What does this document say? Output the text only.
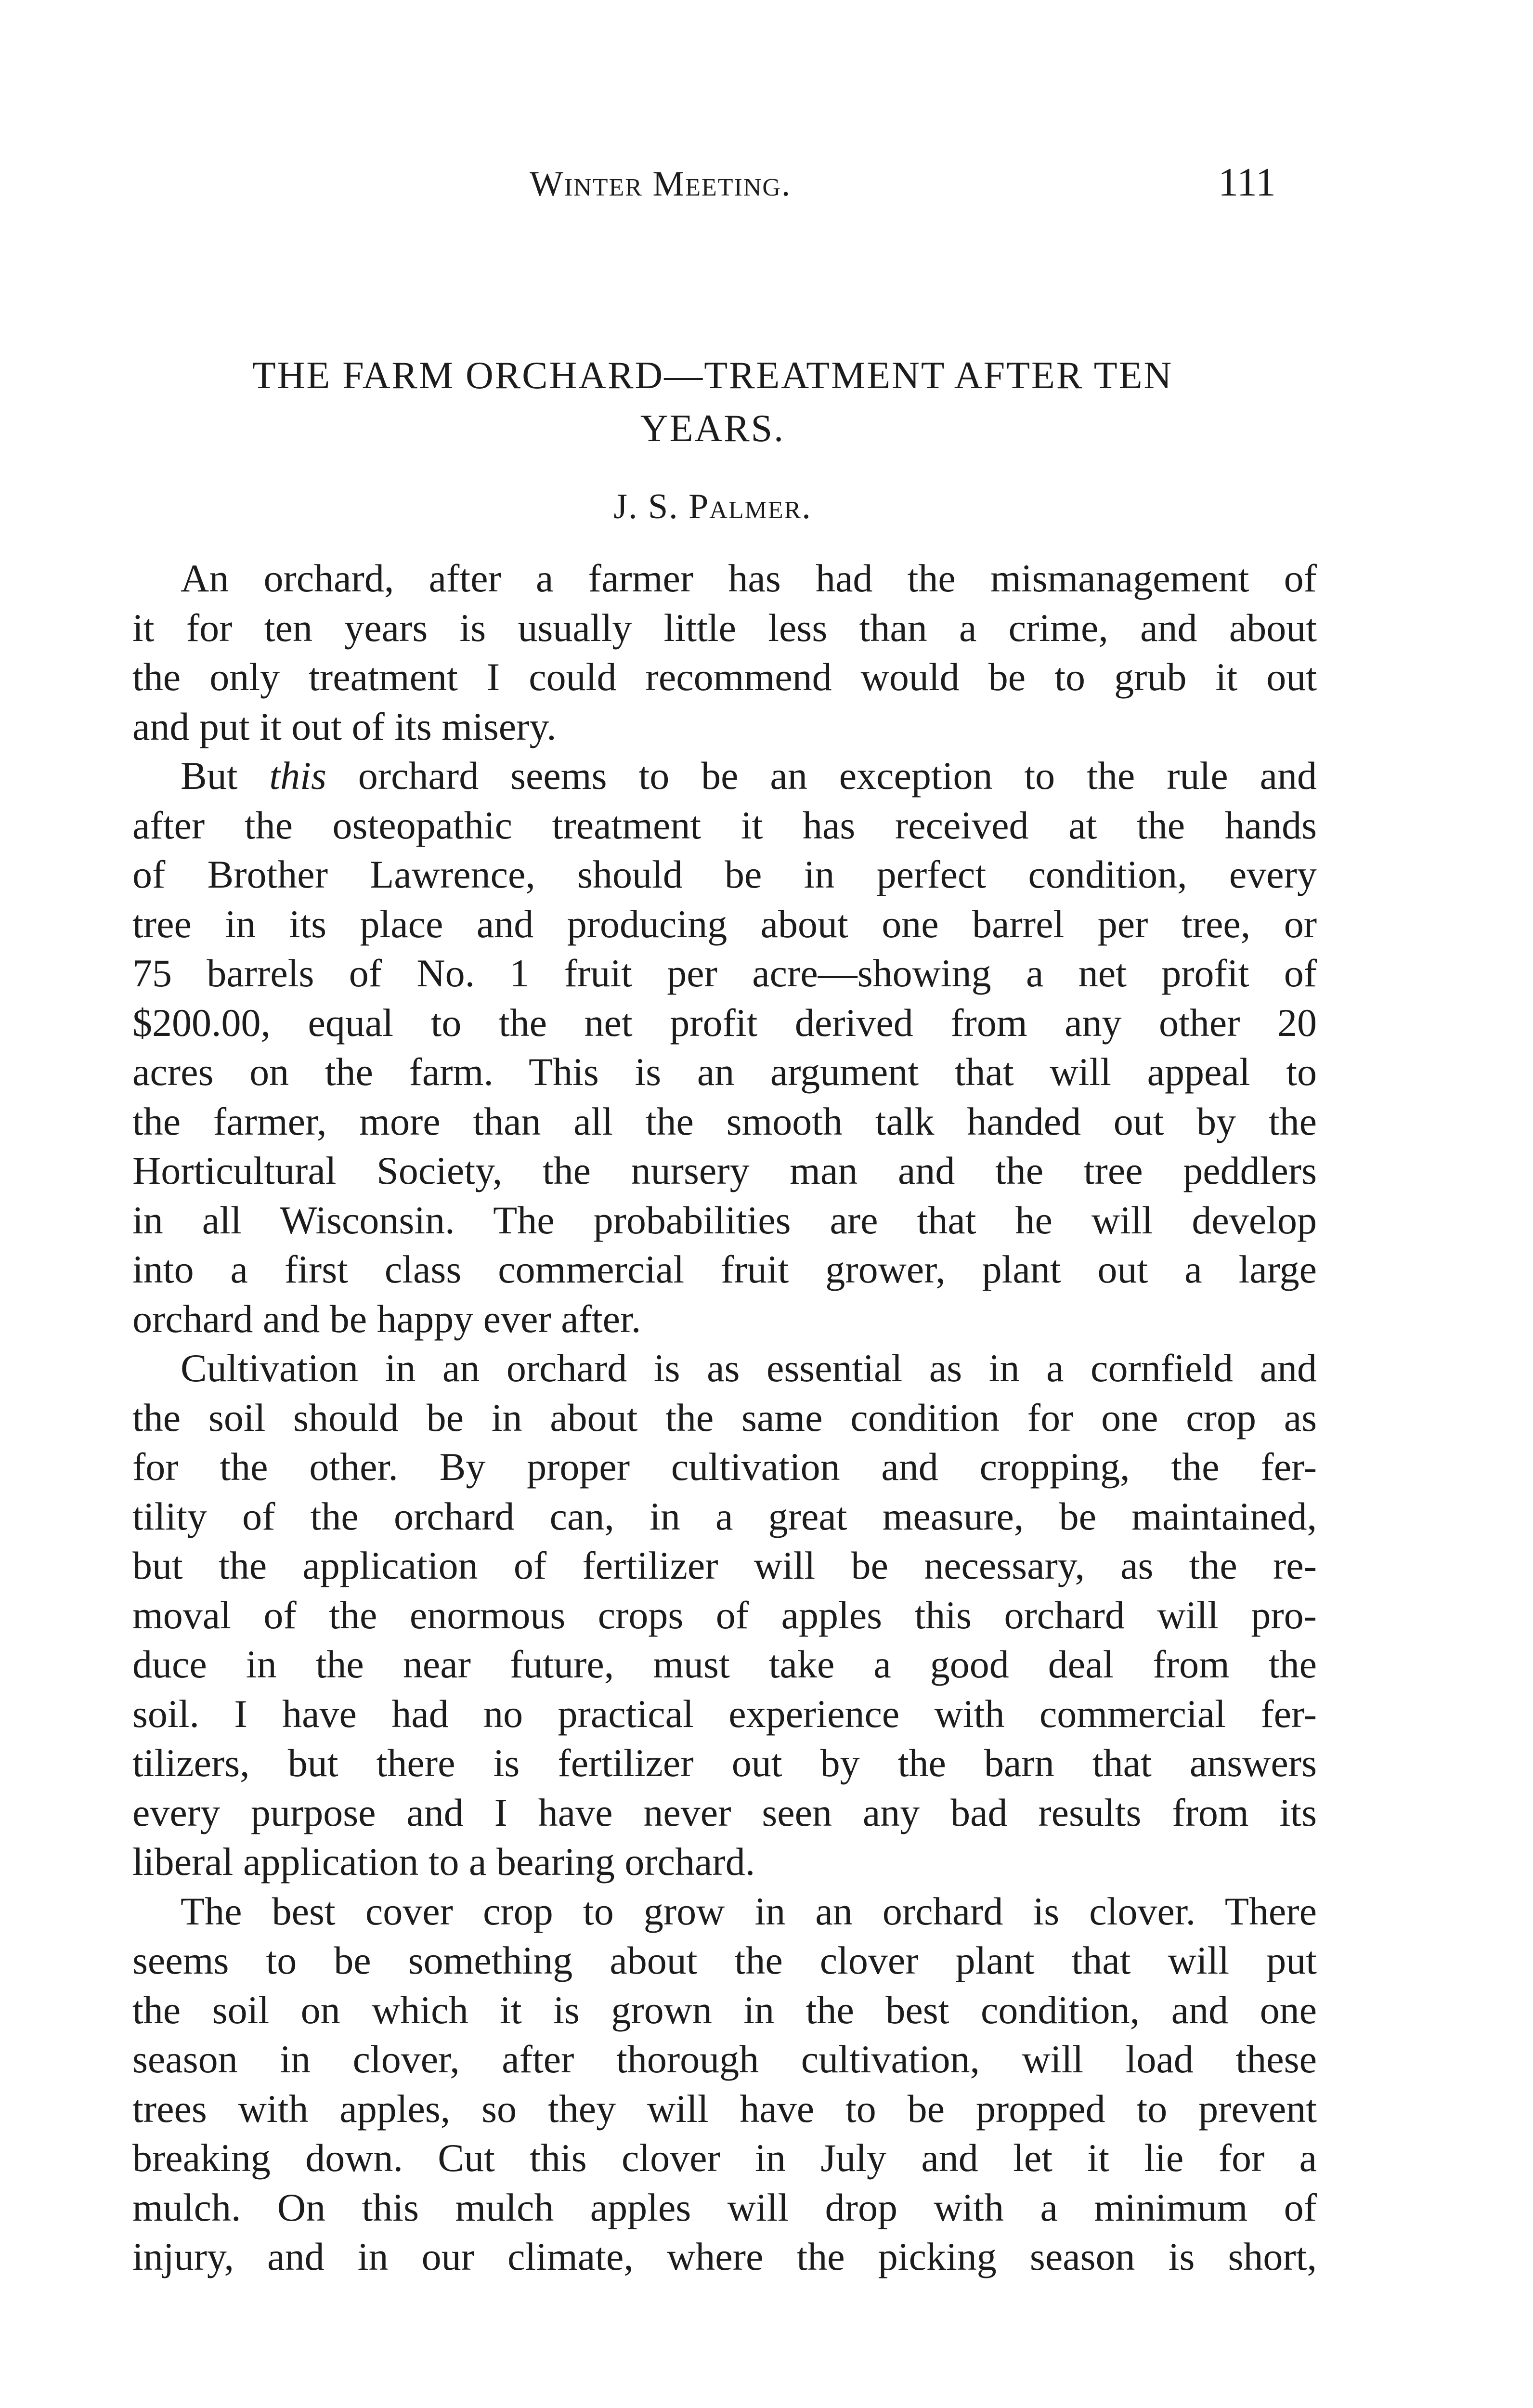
Winter Meeting.	111
THE FARM ORCHARD—TREATMENT AFTER TEN
YEARS.
J. S. Palmer.

An orchard, after a farmer has had the mismanagement of
it for ten years is usually little less than a crime, and about
the only treatment I could recommend would be to grub it out
and put it out of its misery.

But this orchard seems to be an exception to the rule and
after the osteopathic treatment it has received at the hands
of Brother Lawrence, should be in perfect condition, every
tree in its place and producing about one barrel per tree, or
75 barrels of No. 1 fruit per acre—showing a net profit of
$200.00, equal to the net profit derived from any other 20
acres on the farm. This is an argument that will appeal to
the farmer, more than all the smooth talk handed out by the
Horticultural Society, the nursery man and the tree peddlers
in all Wisconsin. The probabilities are that he will develop
into a first class commercial fruit grower, plant out a large
orchard and be happy ever after.

Cultivation in an orchard is as essential as in a cornfield and
the soil should be in about the same condition for one crop as
for the other. By proper cultivation and cropping, the fer-
tility of the orchard can, in a great measure, be maintained,
but the application of fertilizer will be necessary, as the re-
moval of the enormous crops of apples this orchard will pro-
duce in the near future, must take a good deal from the
soil. I have had no practical experience with commercial fer-
tilizers, but there is fertilizer out by the barn that answers
every purpose and I have never seen any bad results from its
liberal application to a bearing orchard.

The best cover crop to grow in an orchard is clover. There
seems to be something about the clover plant that will put
the soil on which it is grown in the best condition, and one
season in clover, after thorough cultivation, will load these
trees with apples, so they will have to be propped to prevent
breaking down. Cut this clover in July and let it lie for a
mulch. On this mulch apples will drop with a minimum of
injury, and in our climate, where the picking season is short,
